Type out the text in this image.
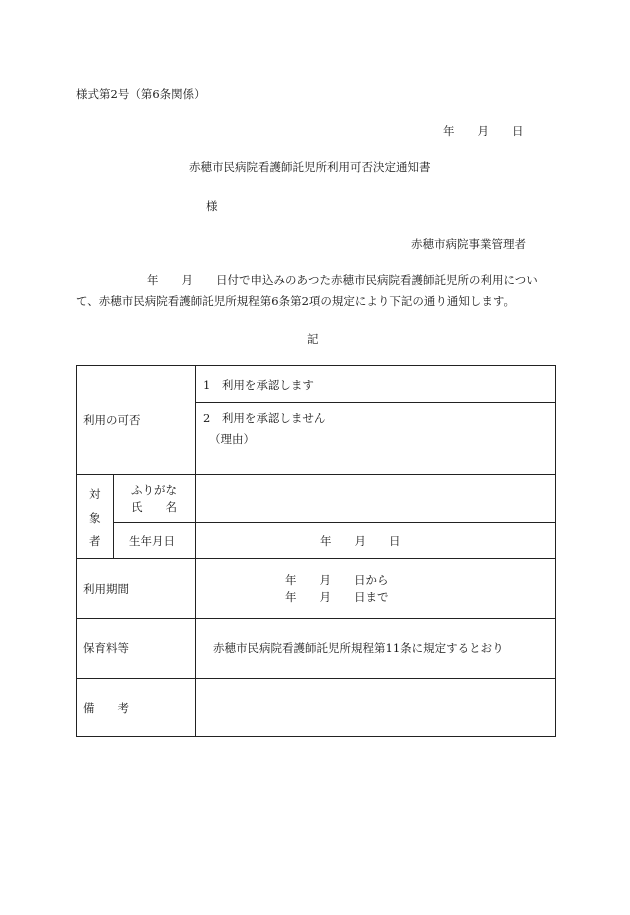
様式第2号（第6条関係）
年　　月　　日
赤穂市民病院看護師託児所利用可否決定通知書
様
赤穂市病院事業管理者
　　年　　月　　日付で申込みのあつた赤穂市民病院看護師託児所の利用につい
て、赤穂市民病院看護師託児所規程第6条第2項の規定により下記の通り通知します。
記
利用の可否
1　利用を承認します
2　利用を承認しません
（理由）
対
象
者
ふりがな
氏　　名
生年月日	年　　月　　日
利用期間
年　　月　　日から
年　　月　　日まで
保育料等	赤穂市民病院看護師託児所規程第11条に規定するとおり
備　　考
